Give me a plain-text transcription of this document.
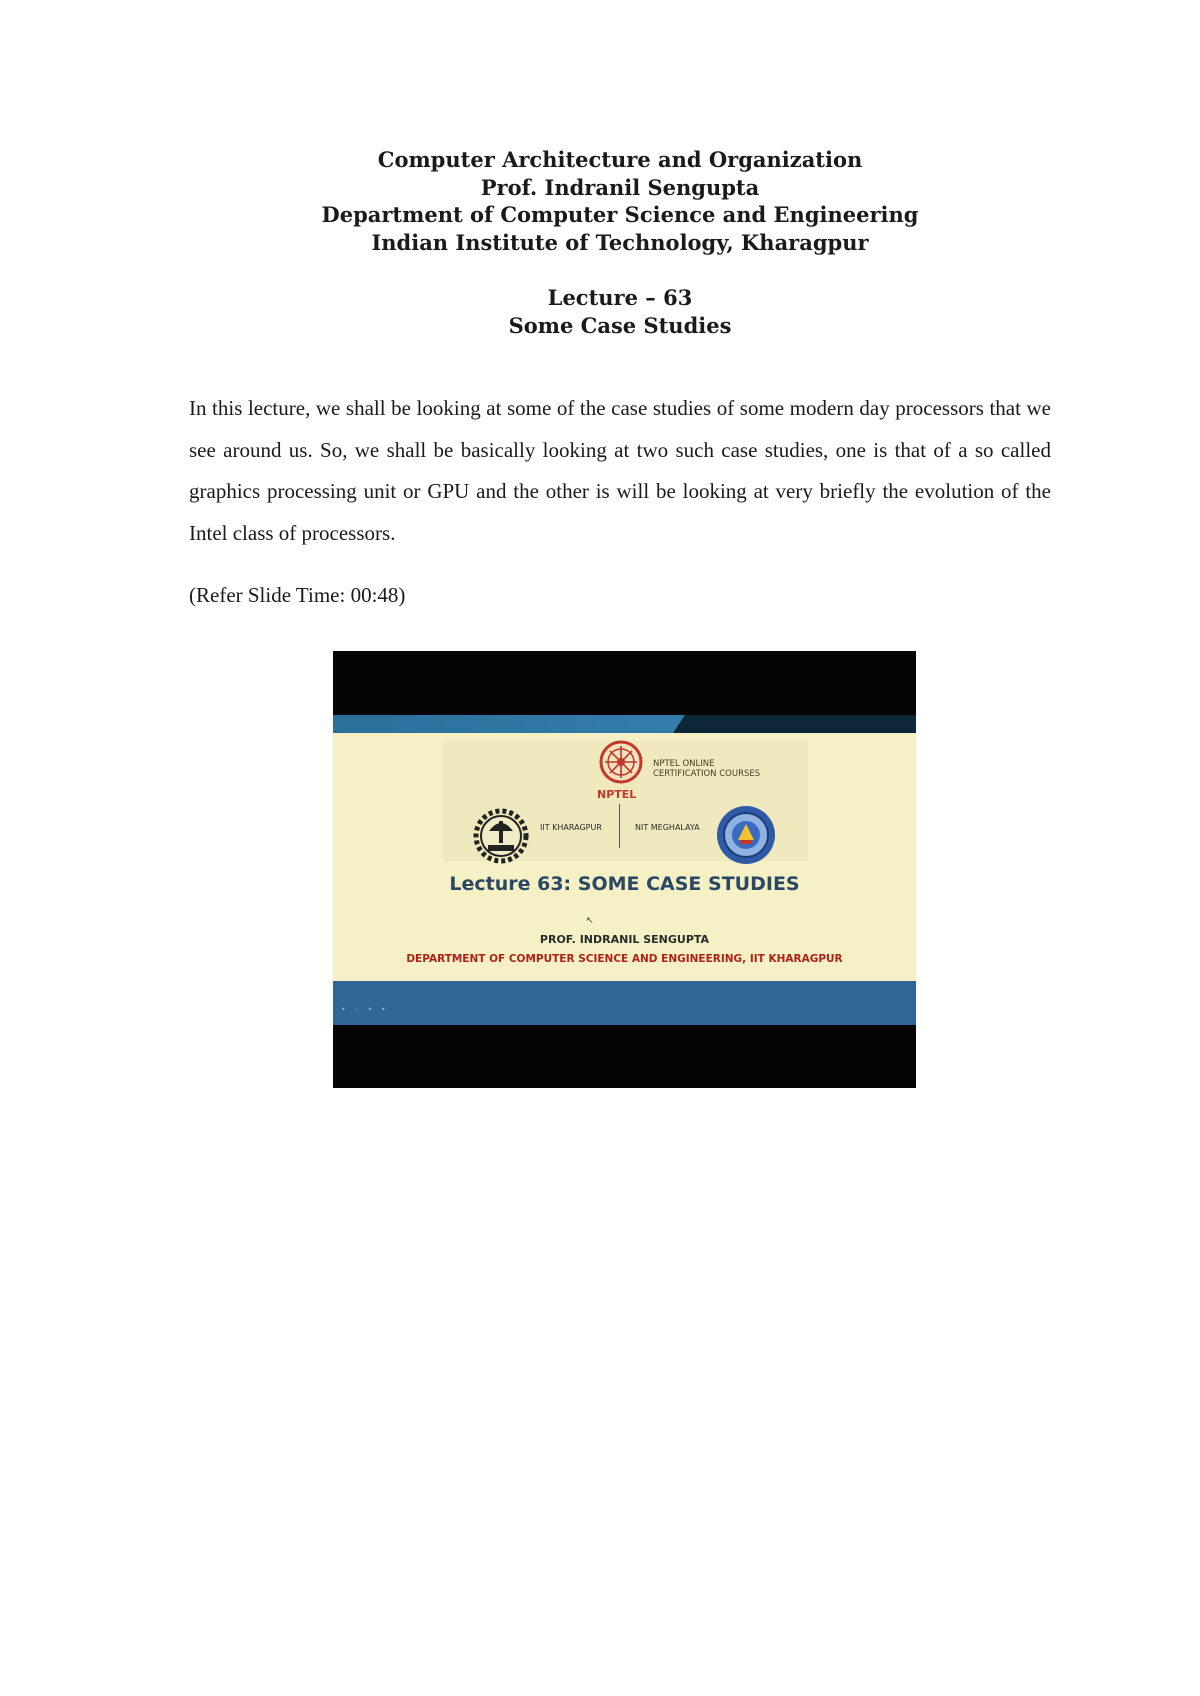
Computer Architecture and Organization
Prof. Indranil Sengupta
Department of Computer Science and Engineering
Indian Institute of Technology, Kharagpur
Lecture – 63
Some Case Studies
In this lecture, we shall be looking at some of the case studies of some modern day processors that we see around us. So, we shall be basically looking at two such case studies, one is that of a so called graphics processing unit or GPU and the other is will be looking at very briefly the evolution of the Intel class of processors.
(Refer Slide Time: 00:48)
• ◦ • •
NPTEL ONLINE
CERTIFICATION COURSES
NPTEL
IIT KHARAGPUR	NIT MEGHALAYA
Lecture 63: SOME CASE STUDIES
↖
PROF. INDRANIL SENGUPTA
DEPARTMENT OF COMPUTER SCIENCE AND ENGINEERING, IIT KHARAGPUR
